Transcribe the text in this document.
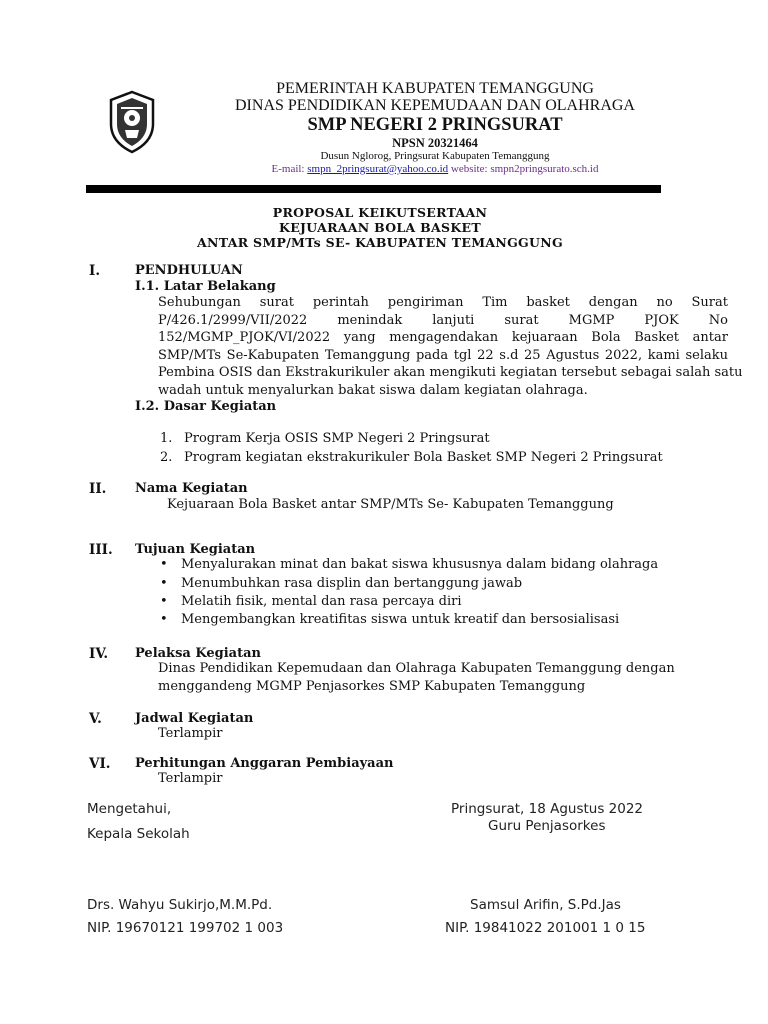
PEMERINTAH KABUPATEN TEMANGGUNG
DINAS PENDIDIKAN KEPEMUDAAN DAN OLAHRAGA
SMP NEGERI 2 PRINGSURAT
NPSN 20321464
Dusun Nglorog, Pringsurat Kabupaten Temanggung
E-mail: smpn_2pringsurat@yahoo.co.id website: smpn2pringsurato.sch.id
PROPOSAL KEIKUTSERTAAN
KEJUARAAN BOLA BASKET
ANTAR SMP/MTs SE- KABUPATEN TEMANGGUNG
I.	PENDHULUAN
I.1. Latar Belakang
Sehubungan surat perintah pengiriman Tim basket dengan no Surat
P/426.1/2999/VII/2022 menindak lanjuti surat MGMP PJOK No
152/MGMP_PJOK/VI/2022 yang mengagendakan kejuaraan Bola Basket antar
SMP/MTs Se-Kabupaten Temanggung pada tgl 22 s.d 25 Agustus 2022, kami selaku
Pembina OSIS dan Ekstrakurikuler akan mengikuti kegiatan tersebut sebagai salah satu
wadah untuk menyalurkan bakat siswa dalam kegiatan olahraga.
I.2. Dasar Kegiatan
1. Program Kerja OSIS SMP Negeri 2 Pringsurat
2. Program kegiatan ekstrakurikuler Bola Basket SMP Negeri 2 Pringsurat
II. Nama Kegiatan
Kejuaraan Bola Basket antar SMP/MTs Se- Kabupaten Temanggung
III. Tujuan Kegiatan
• Menyalurakan minat dan bakat siswa khususnya dalam bidang olahraga
• Menumbuhkan rasa displin dan bertanggung jawab
• Melatih fisik, mental dan rasa percaya diri
• Mengembangkan kreatifitas siswa untuk kreatif dan bersosialisasi
IV. Pelaksa Kegiatan
Dinas Pendidikan Kepemudaan dan Olahraga Kabupaten Temanggung dengan
menggandeng MGMP Penjasorkes SMP Kabupaten Temanggung
V.	Jadwal Kegiatan
Terlampir
VI. Perhitungan Anggaran Pembiayaan
Terlampir
Mengetahui,
Kepala Sekolah
Drs. Wahyu Sukirjo,M.M.Pd.
NIP. 19670121 199702 1 003
Pringsurat, 18 Agustus 2022
Guru Penjasorkes
Samsul Arifin, S.Pd.Jas
NIP. 19841022 201001 1 0 15
